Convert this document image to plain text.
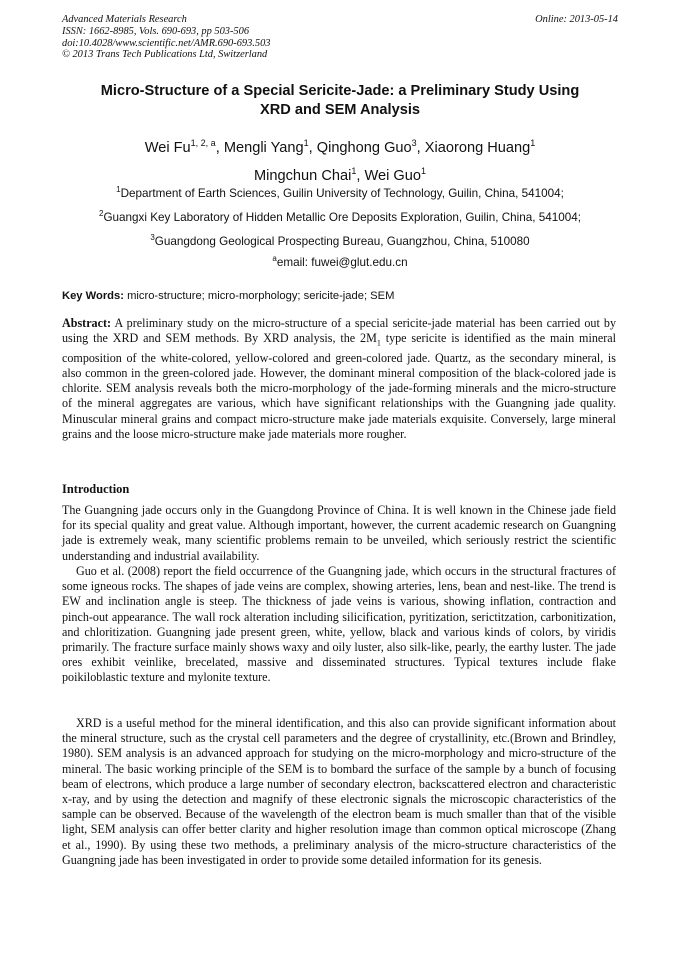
Advanced Materials Research
ISSN: 1662-8985, Vols. 690-693, pp 503-506
doi:10.4028/www.scientific.net/AMR.690-693.503
© 2013 Trans Tech Publications Ltd, Switzerland
Online: 2013-05-14
Micro-Structure of a Special Sericite-Jade: a Preliminary Study Using
XRD and SEM Analysis
Wei Fu$^{1, 2, a}$, Mengli Yang$^1$, Qinghong Guo$^3$, Xiaorong Huang$^1$
Mingchun Chai$^1$, Wei Guo$^1$
$^1$Department of Earth Sciences, Guilin University of Technology, Guilin, China, 541004;
$^2$Guangxi Key Laboratory of Hidden Metallic Ore Deposits Exploration, Guilin, China, 541004;
$^3$Guangdong Geological Prospecting Bureau, Guangzhou, China, 510080
$^a$email: fuwei@glut.edu.cn
Key Words: micro-structure; micro-morphology; sericite-jade; SEM

Abstract: A preliminary study on the micro-structure of a special sericite-jade material has been carried out by using the XRD and SEM methods. By XRD analysis, the $2M_1$ type sericite is identified as the main mineral composition of the white-colored, yellow-colored and green-colored jade. Quartz, as the secondary mineral, is also common in the green-colored jade. However, the dominant mineral composition of the black-colored jade is chlorite. SEM analysis reveals both the micro-morphology of the jade-forming minerals and the micro-structure of the mineral aggregates are various, which have significant relationships with the Guangning jade quality. Minuscular mineral grains and compact micro-structure make jade materials exquisite. Conversely, large mineral grains and the loose micro-structure make jade materials more rougher.

Introduction

The Guangning jade occurs only in the Guangdong Province of China. It is well known in the Chinese jade field for its special quality and great value. Although important, however, the current academic research on Guangning jade is extremely weak, many scientific problems remain to be unveiled, which seriously restrict the scientific understanding and industrial availability.

Guo et al. (2008) report the field occurrence of the Guangning jade, which occurs in the structural fractures of some igneous rocks. The shapes of jade veins are complex, showing arteries, lens, bean and nest-like. The trend is EW and inclination angle is steep. The thickness of jade veins is various, showing inflation, contraction and pinch-out appearance. The wall rock alteration including silicification, pyritization, serictitzation, carbonitization, and chloritization. Guangning jade present green, white, yellow, black and various kinds of colors, by viridis primarily. The fracture surface mainly shows waxy and oily luster, also silk-like, pearly, the earthy luster. The jade ores exhibit veinlike, brecelated, massive and disseminated structures. Typical textures include flake poikiloblastic texture and mylonite texture.

XRD is a useful method for the mineral identification, and this also can provide significant information about the mineral structure, such as the crystal cell parameters and the degree of crystallinity, etc.(Brown and Brindley, 1980). SEM analysis is an advanced approach for studying on the micro-morphology and micro-structure of the mineral. The basic working principle of the SEM is to bombard the surface of the sample by a bunch of focusing beam of electrons, which produce a large number of secondary electron, backscattered electron and characteristic x-ray, and by using the detection and magnify of these electronic signals the microscopic characteristics of the sample can be observed. Because of the wavelength of the electron beam is much smaller than that of the visible light, SEM analysis can offer better clarity and higher resolution image than common optical microscope (Zhang et al., 1990). By using these two methods, a preliminary analysis of the micro-structure characteristics of the Guangning jade has been investigated in order to provide some detailed information for its genesis.
